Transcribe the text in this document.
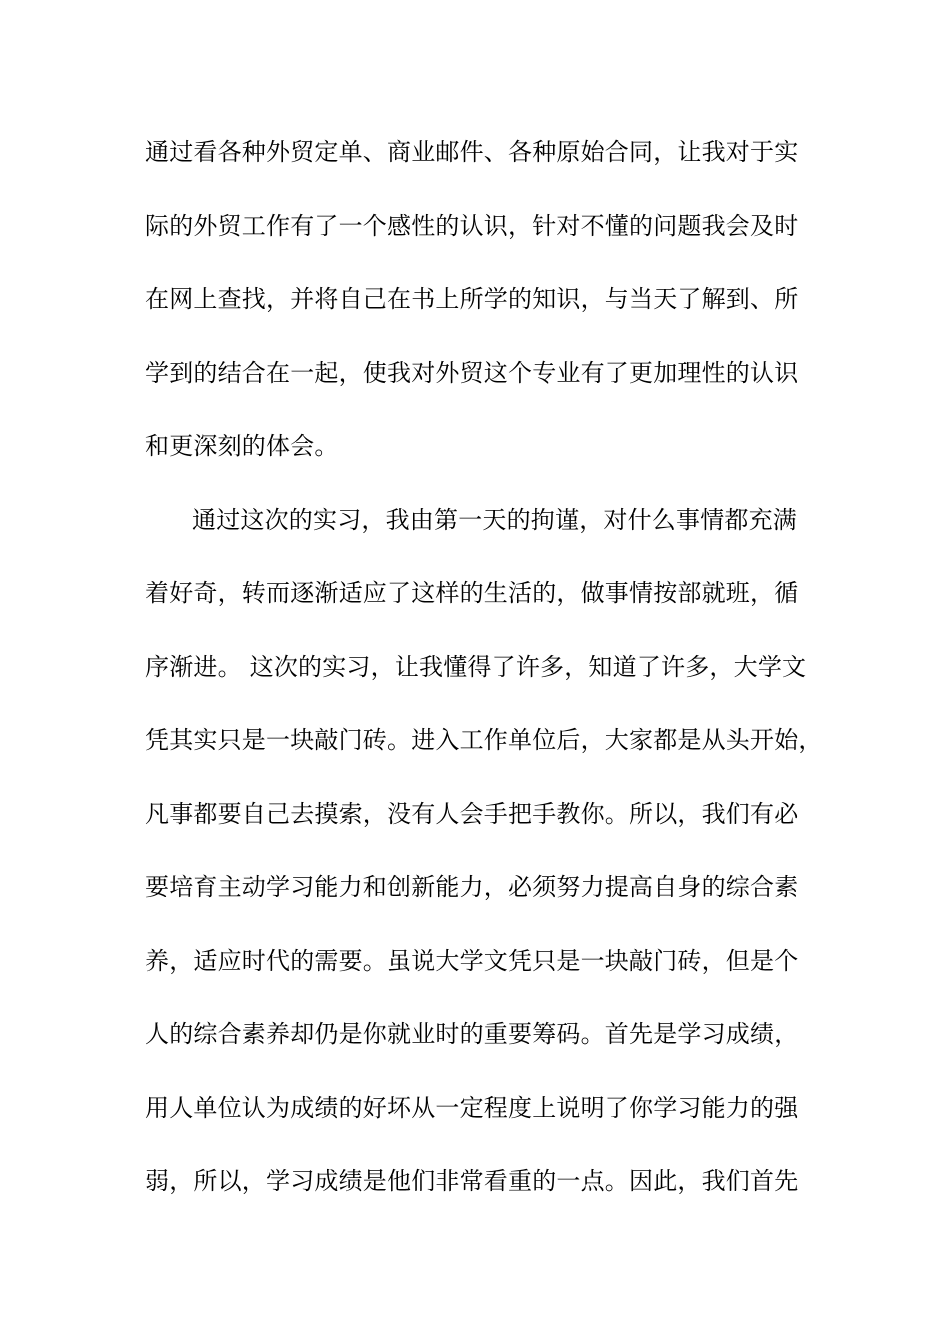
通过看各种外贸定单、商业邮件、各种原始合同，让我对于实
际的外贸工作有了一个感性的认识，针对不懂的问题我会及时
在网上查找，并将自己在书上所学的知识，与当天了解到、所
学到的结合在一起，使我对外贸这个专业有了更加理性的认识
和更深刻的体会。
通过这次的实习，我由第一天的拘谨，对什么事情都充满
着好奇，转而逐渐适应了这样的生活的，做事情按部就班，循
序渐进。 这次的实习，让我懂得了许多，知道了许多，大学文
凭其实只是一块敲门砖。进入工作单位后，大家都是从头开始，
凡事都要自己去摸索，没有人会手把手教你。所以，我们有必
要培育主动学习能力和创新能力，必须努力提高自身的综合素
养，适应时代的需要。虽说大学文凭只是一块敲门砖，但是个
人的综合素养却仍是你就业时的重要筹码。首先是学习成绩，
用人单位认为成绩的好坏从一定程度上说明了你学习能力的强
弱，所以，学习成绩是他们非常看重的一点。因此，我们首先
